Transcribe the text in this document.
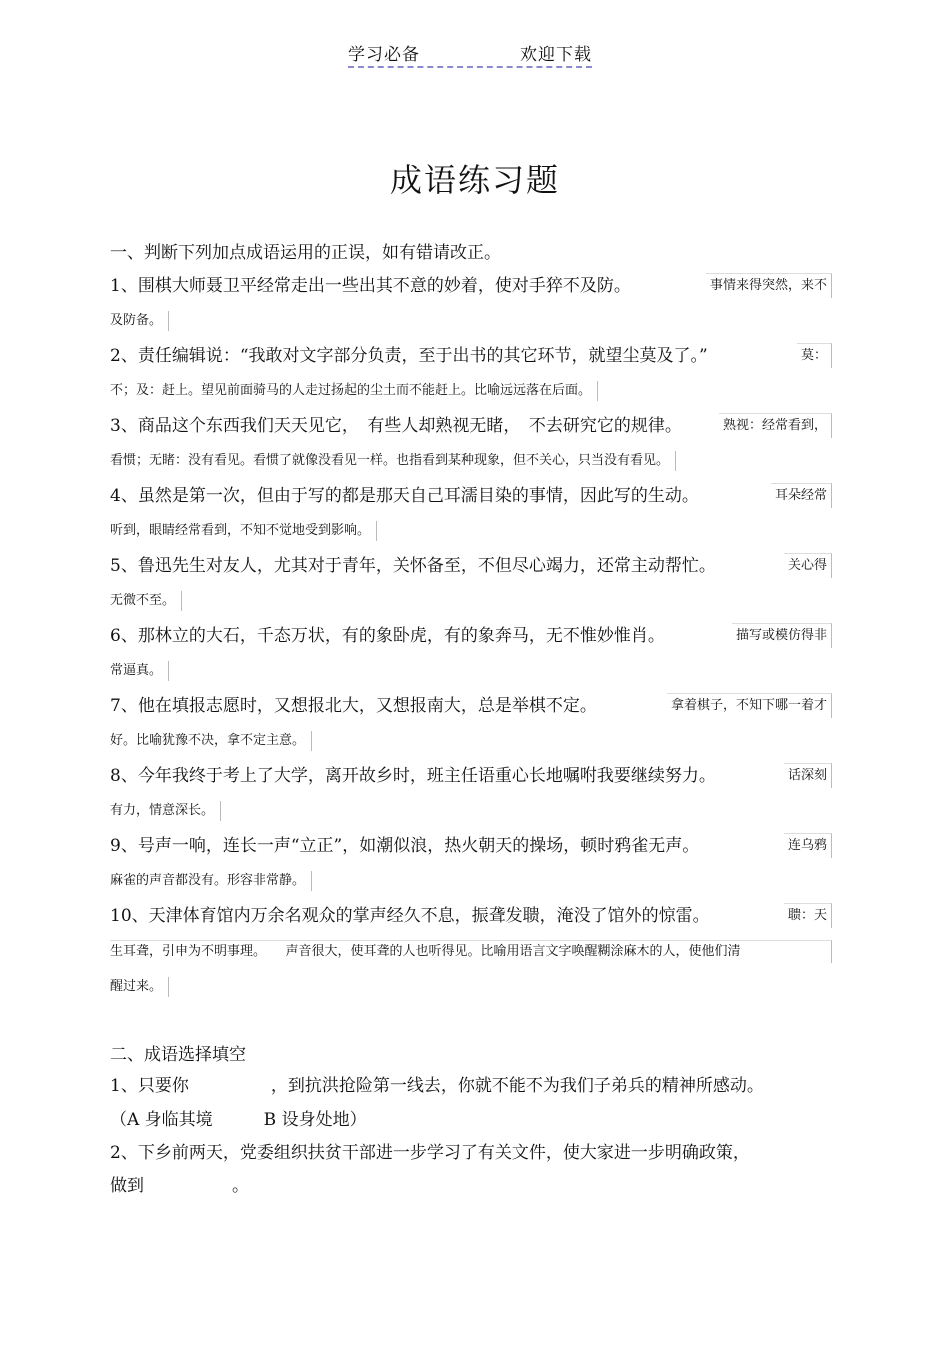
学习必备	欢迎下载
成语练习题
一、判断下列加点成语运用的正误，如有错请改正。
1、围棋大师聂卫平经常走出一些出其不意的妙着，使对手猝不及防。	事情来得突然，来不
及防备。
2、责任编辑说：“我敢对文字部分负责，至于出书的其它环节，就望尘莫及了。”	莫：
不；及：赶上。望见前面骑马的人走过扬起的尘土而不能赶上。比喻远远落在后面。
3、商品这个东西我们天天见它，　有些人却熟视无睹，　不去研究它的规律。	熟视：经常看到，
看惯；无睹：没有看见。看惯了就像没看见一样。也指看到某种现象，但不关心，只当没有看见。
4、虽然是第一次，但由于写的都是那天自己耳濡目染的事情，因此写的生动。	耳朵经常
听到，眼睛经常看到，不知不觉地受到影响。
5、鲁迅先生对友人，尤其对于青年，关怀备至，不但尽心竭力，还常主动帮忙。	关心得
无微不至。
6、那林立的大石，千态万状，有的象卧虎，有的象奔马，无不惟妙惟肖。	描写或模仿得非
常逼真。
7、他在填报志愿时，又想报北大，又想报南大，总是举棋不定。	拿着棋子，不知下哪一着才
好。比喻犹豫不决，拿不定主意。
8、今年我终于考上了大学，离开故乡时，班主任语重心长地嘱咐我要继续努力。	话深刻
有力，情意深长。
9、号声一响，连长一声“立正”，如潮似浪，热火朝天的操场，顿时鸦雀无声。	连乌鸦
麻雀的声音都没有。形容非常静。
10、天津体育馆内万余名观众的掌声经久不息，振聋发聩，淹没了馆外的惊雷。	聩：天
生耳聋，引申为不明事理。　　声音很大，使耳聋的人也听得见。比喻用语言文字唤醒糊涂麻木的人，使他们清
醒过来。
二、成语选择填空
1、只要你	，到抗洪抢险第一线去，你就不能不为我们子弟兵的精神所感动。
（A 身临其境　　　B 设身处地）
2、下乡前两天，党委组织扶贫干部进一步学习了有关文件，使大家进一步明确政策，
做到	。
